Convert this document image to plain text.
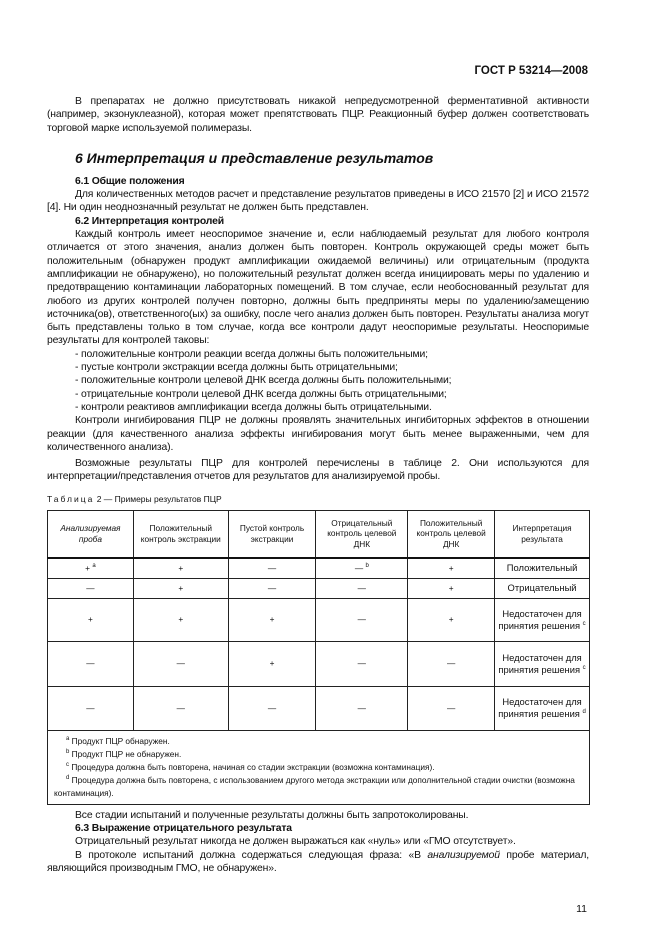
ГОСТ Р 53214—2008

В препаратах не должно присутствовать никакой непредусмотренной ферментативной активности (например, экзонуклеазной), которая может препятствовать ПЦР. Реакционный буфер должен соответствовать торговой марке используемой полимеразы.

6 Интерпретация и представление результатов

6.1 Общие положения

Для количественных методов расчет и представление результатов приведены в ИСО 21570 [2] и ИСО 21572 [4]. Ни один неоднозначный результат не должен быть представлен.

6.2 Интерпретация контролей

Каждый контроль имеет неоспоримое значение и, если наблюдаемый результат для любого контроля отличается от этого значения, анализ должен быть повторен. Контроль окружающей среды может быть положительным (обнаружен продукт амплификации ожидаемой величины) или отрицательным (продукта амплификации не обнаружено), но положительный результат должен всегда инициировать меры по удалению и предотвращению контаминации лабораторных помещений. В том случае, если необоснованный результат для любого из других контролей получен повторно, должны быть предприняты меры по удалению/замещению источника(ов), ответственного(ых) за ошибку, после чего анализ должен быть повторен. Результаты анализа могут быть представлены только в том случае, когда все контроли дадут неоспоримые результаты. Неоспоримые результаты для контролей таковы:

- положительные контроли реакции всегда должны быть положительными;

- пустые контроли экстракции всегда должны быть отрицательными;

- положительные контроли целевой ДНК всегда должны быть положительными;

- отрицательные контроли целевой ДНК всегда должны быть отрицательными;

- контроли реактивов амплификации всегда должны быть отрицательными.

Контроли ингибирования ПЦР не должны проявлять значительных ингибиторных эффектов в отношении реакции (для качественного анализа эффекты ингибирования могут быть менее выраженными, чем для количественного анализа).

Возможные результаты ПЦР для контролей перечислены в таблице 2. Они используются для интерпретации/представления отчетов для результатов для анализируемой пробы.

Таблица 2 — Примеры результатов ПЦР
Анализируемая проба	Положительный контроль экстракции	Пустой контроль экстракции	Отрицательный контроль целевой ДНК	Положительный контроль целевой ДНК	Интерпретация результата
+ $^a$	+	—	— $^b$	+	Положительный
—	+	—	—	+	Отрицательный
+	+	+	—	+	Недостаточен для принятия решения $^c$
—	—	+	—	—	Недостаточен для принятия решения $^c$
—	—	—	—	—	Недостаточен для принятия решения $^d$

$^a$ Продукт ПЦР обнаружен.

$^b$ Продукт ПЦР не обнаружен.

$^c$ Процедура должна быть повторена, начиная со стадии экстракции (возможна контаминация).

$^d$ Процедура должна быть повторена, с использованием другого метода экстракции или дополнительной стадии очистки (возможна контаминация).					

Все стадии испытаний и полученные результаты должны быть запротоколированы.

6.3 Выражение отрицательного результата

Отрицательный результат никогда не должен выражаться как «нуль» или «ГМО отсутствует».

В протоколе испытаний должна содержаться следующая фраза: «В анализируемой пробе материал, являющийся производным ГМО, не обнаружен».

11
